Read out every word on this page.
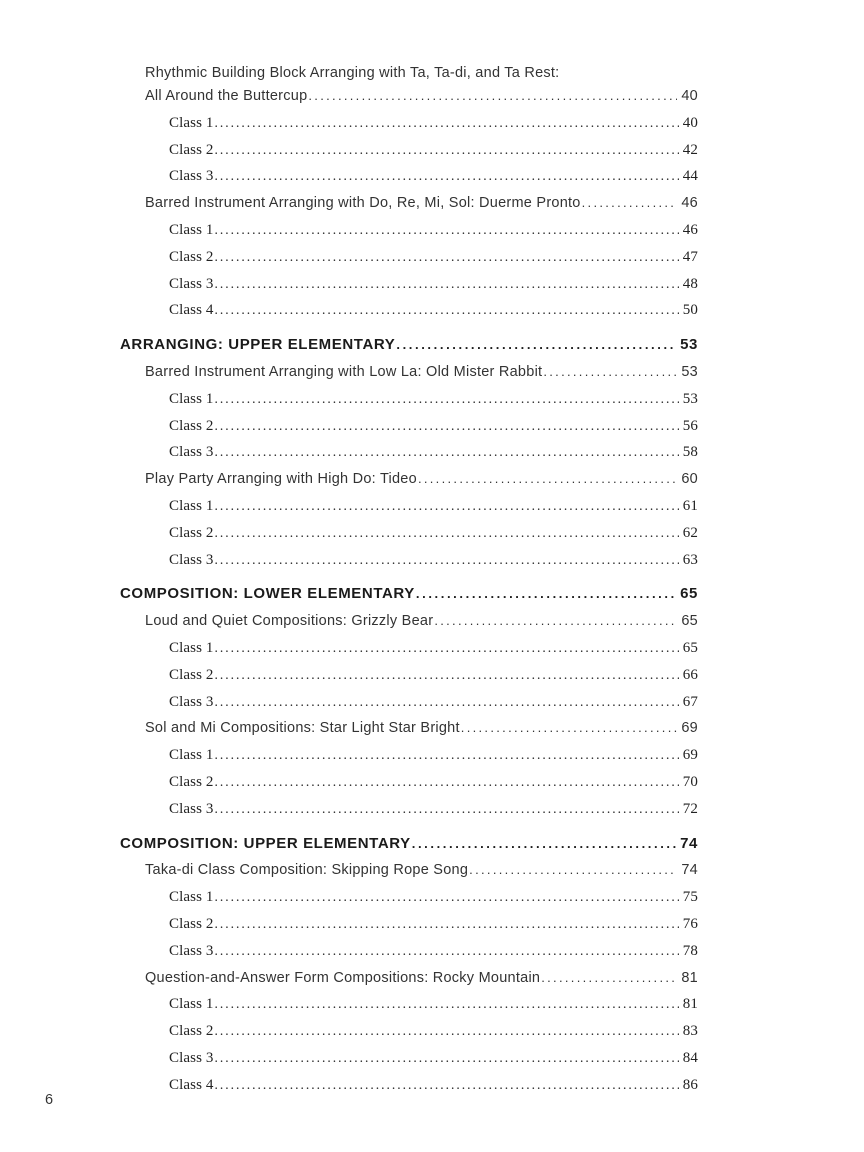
Rhythmic Building Block Arranging with Ta, Ta-di, and Ta Rest:
All Around the Buttercup .....	40
Class 1 .....	40
Class 2 .....	42
Class 3 .....	44
Barred Instrument Arranging with Do, Re, Mi, Sol: Duerme Pronto .....	46
Class 1 .....	46
Class 2 .....	47
Class 3 .....	48
Class 4 .....	50
ARRANGING: UPPER ELEMENTARY .....	53
Barred Instrument Arranging with Low La: Old Mister Rabbit .....	53
Class 1 .....	53
Class 2 .....	56
Class 3 .....	58
Play Party Arranging with High Do: Tideo .....	60
Class 1 .....	61
Class 2 .....	62
Class 3 .....	63
COMPOSITION: LOWER ELEMENTARY .....	65
Loud and Quiet Compositions: Grizzly Bear .....	65
Class 1 .....	65
Class 2 .....	66
Class 3 .....	67
Sol and Mi Compositions: Star Light Star Bright .....	69
Class 1 .....	69
Class 2 .....	70
Class 3 .....	72
COMPOSITION: UPPER ELEMENTARY .....	74
Taka-di Class Composition: Skipping Rope Song .....	74
Class 1 .....	75
Class 2 .....	76
Class 3 .....	78
Question-and-Answer Form Compositions: Rocky Mountain .....	81
Class 1 .....	81
Class 2 .....	83
Class 3 .....	84
Class 4 .....	86
6
